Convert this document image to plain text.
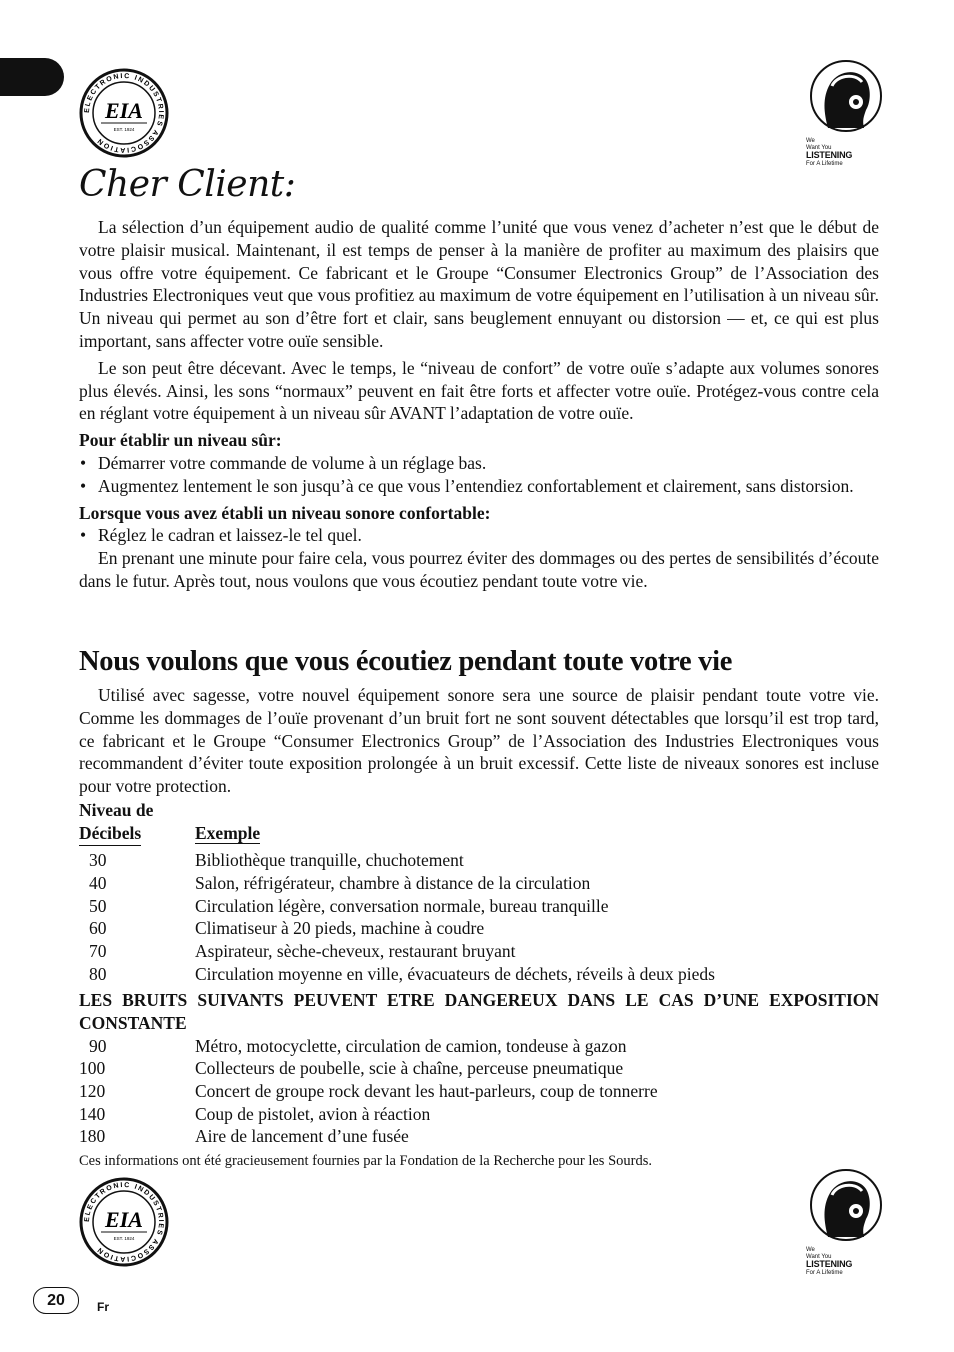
ELECTRONIC INDUSTRIES ASSOCIATION
EIA
EST. 1924
We
Want You
LISTENING
For A Lifetime
Cher Client:

La sélection d’un équipement audio de qualité comme l’unité que vous venez d’acheter n’est que le début de votre plaisir musical. Maintenant, il est temps de penser à la manière de profiter au maximum des plaisirs que vous offre votre équipement. Ce fabricant et le Groupe “Consumer Electronics Group” de l’Association des Industries Electroniques veut que vous profitiez au maximum de votre équipement en l’utilisation à un niveau sûr. Un niveau qui permet au son d’être fort et clair, sans beuglement ennuyant ou distorsion — et, ce qui est plus important, sans affecter votre ouïe sensible.

Le son peut être décevant. Avec le temps, le “niveau de confort” de votre ouïe s’adapte aux volumes sonores plus élevés. Ainsi, les sons “normaux” peuvent en fait être forts et affecter votre ouïe. Protégez-vous contre cela en réglant votre équipement à un niveau sûr AVANT l’adaptation de votre ouïe.

Pour établir un niveau sûr:

• Démarrer votre commande de volume à un réglage bas.

• Augmentez lentement le son jusqu’à ce que vous l’entendiez confortablement et clairement, sans distorsion.

Lorsque vous avez établi un niveau sonore confortable:

• Réglez le cadran et laissez-le tel quel.

En prenant une minute pour faire cela, vous pourrez éviter des dommages ou des pertes de sensibilités d’écoute dans le futur. Après tout, nous voulons que vous écoutiez pendant toute votre vie.

Nous voulons que vous écoutiez pendant toute votre vie

Utilisé avec sagesse, votre nouvel équipement sonore sera une source de plaisir pendant toute votre vie. Comme les dommages de l’ouïe provenant d’un bruit fort ne sont souvent détectables que lorsqu’il est trop tard, ce fabricant et le Groupe “Consumer Electronics Group” de l’Association des Industries Electroniques vous recommandent d’éviter toute exposition prolongée à un bruit excessif. Cette liste de niveaux sonores est incluse pour votre protection.

Niveau de
Décibels	Exemple
30	Bibliothèque tranquille, chuchotement
40	Salon, réfrigérateur, chambre à distance de la circulation
50	Circulation légère, conversation normale, bureau tranquille
60	Climatiseur à 20 pieds, machine à coudre
70	Aspirateur, sèche-cheveux, restaurant bruyant
80	Circulation moyenne en ville, évacuateurs de déchets, réveils à deux pieds
LES BRUITS SUIVANTS PEUVENT ETRE DANGEREUX DANS LE CAS D’UNE EXPOSITION CONSTANTE
90	Métro, motocyclette, circulation de camion, tondeuse à gazon
100	Collecteurs de poubelle, scie à chaîne, perceuse pneumatique
120	Concert de groupe rock devant les haut-parleurs, coup de tonnerre
140	Coup de pistolet, avion à réaction
180	Aire de lancement d’une fusée
Ces informations ont été gracieusement fournies par la Fondation de la Recherche pour les Sourds.
ELECTRONIC INDUSTRIES ASSOCIATION
EIA
EST. 1924
We
Want You
LISTENING
For A Lifetime
20	Fr
